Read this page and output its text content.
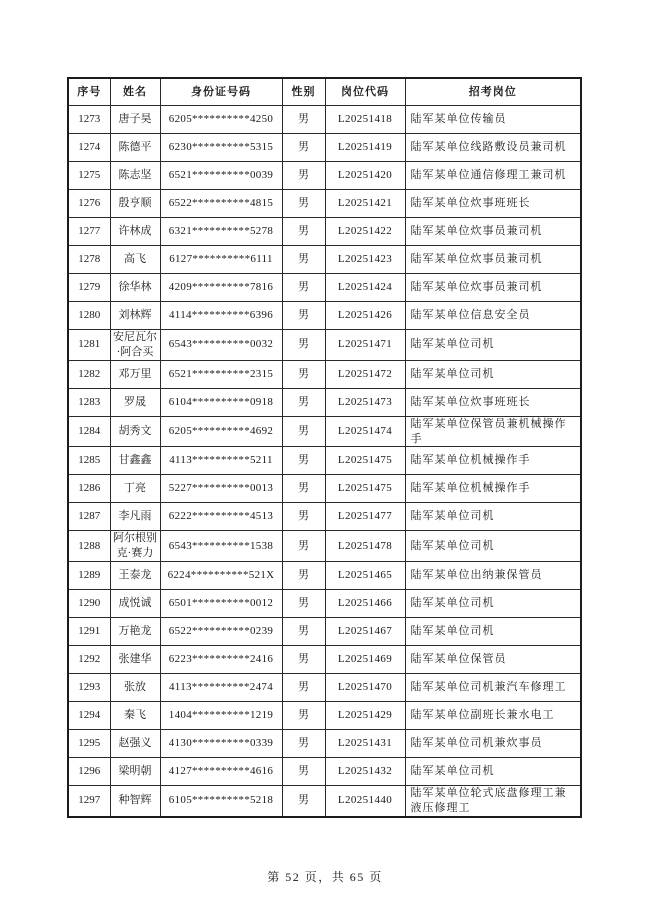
序号	姓名	身份证号码	性别	岗位代码	招考岗位
1273	唐子昊	6205**********4250	男	L20251418	陆军某单位传输员
1274	陈德平	6230**********5315	男	L20251419	陆军某单位线路敷设员兼司机
1275	陈志坚	6521**********0039	男	L20251420	陆军某单位通信修理工兼司机
1276	殷亨顺	6522**********4815	男	L20251421	陆军某单位炊事班班长
1277	许林成	6321**********5278	男	L20251422	陆军某单位炊事员兼司机
1278	高飞	6127**********6111	男	L20251423	陆军某单位炊事员兼司机
1279	徐华林	4209**********7816	男	L20251424	陆军某单位炊事员兼司机
1280	刘林辉	4114**********6396	男	L20251426	陆军某单位信息安全员
1281	安尼瓦尔·阿合买	6543**********0032	男	L20251471	陆军某单位司机
1282	邓万里	6521**********2315	男	L20251472	陆军某单位司机
1283	罗晟	6104**********0918	男	L20251473	陆军某单位炊事班班长
1284	胡秀文	6205**********4692	男	L20251474	陆军某单位保管员兼机械操作手
1285	甘鑫鑫	4113**********5211	男	L20251475	陆军某单位机械操作手
1286	丁亮	5227**********0013	男	L20251475	陆军某单位机械操作手
1287	李凡雨	6222**********4513	男	L20251477	陆军某单位司机
1288	阿尔根别克·赛力	6543**********1538	男	L20251478	陆军某单位司机
1289	王泰龙	6224**********521X	男	L20251465	陆军某单位出纳兼保管员
1290	成悦诚	6501**********0012	男	L20251466	陆军某单位司机
1291	万艳龙	6522**********0239	男	L20251467	陆军某单位司机
1292	张建华	6223**********2416	男	L20251469	陆军某单位保管员
1293	张放	4113**********2474	男	L20251470	陆军某单位司机兼汽车修理工
1294	秦飞	1404**********1219	男	L20251429	陆军某单位副班长兼水电工
1295	赵强义	4130**********0339	男	L20251431	陆军某单位司机兼炊事员
1296	梁明朝	4127**********4616	男	L20251432	陆军某单位司机
1297	种智辉	6105**********5218	男	L20251440	陆军某单位轮式底盘修理工兼液压修理工
第 52 页，共 65 页
